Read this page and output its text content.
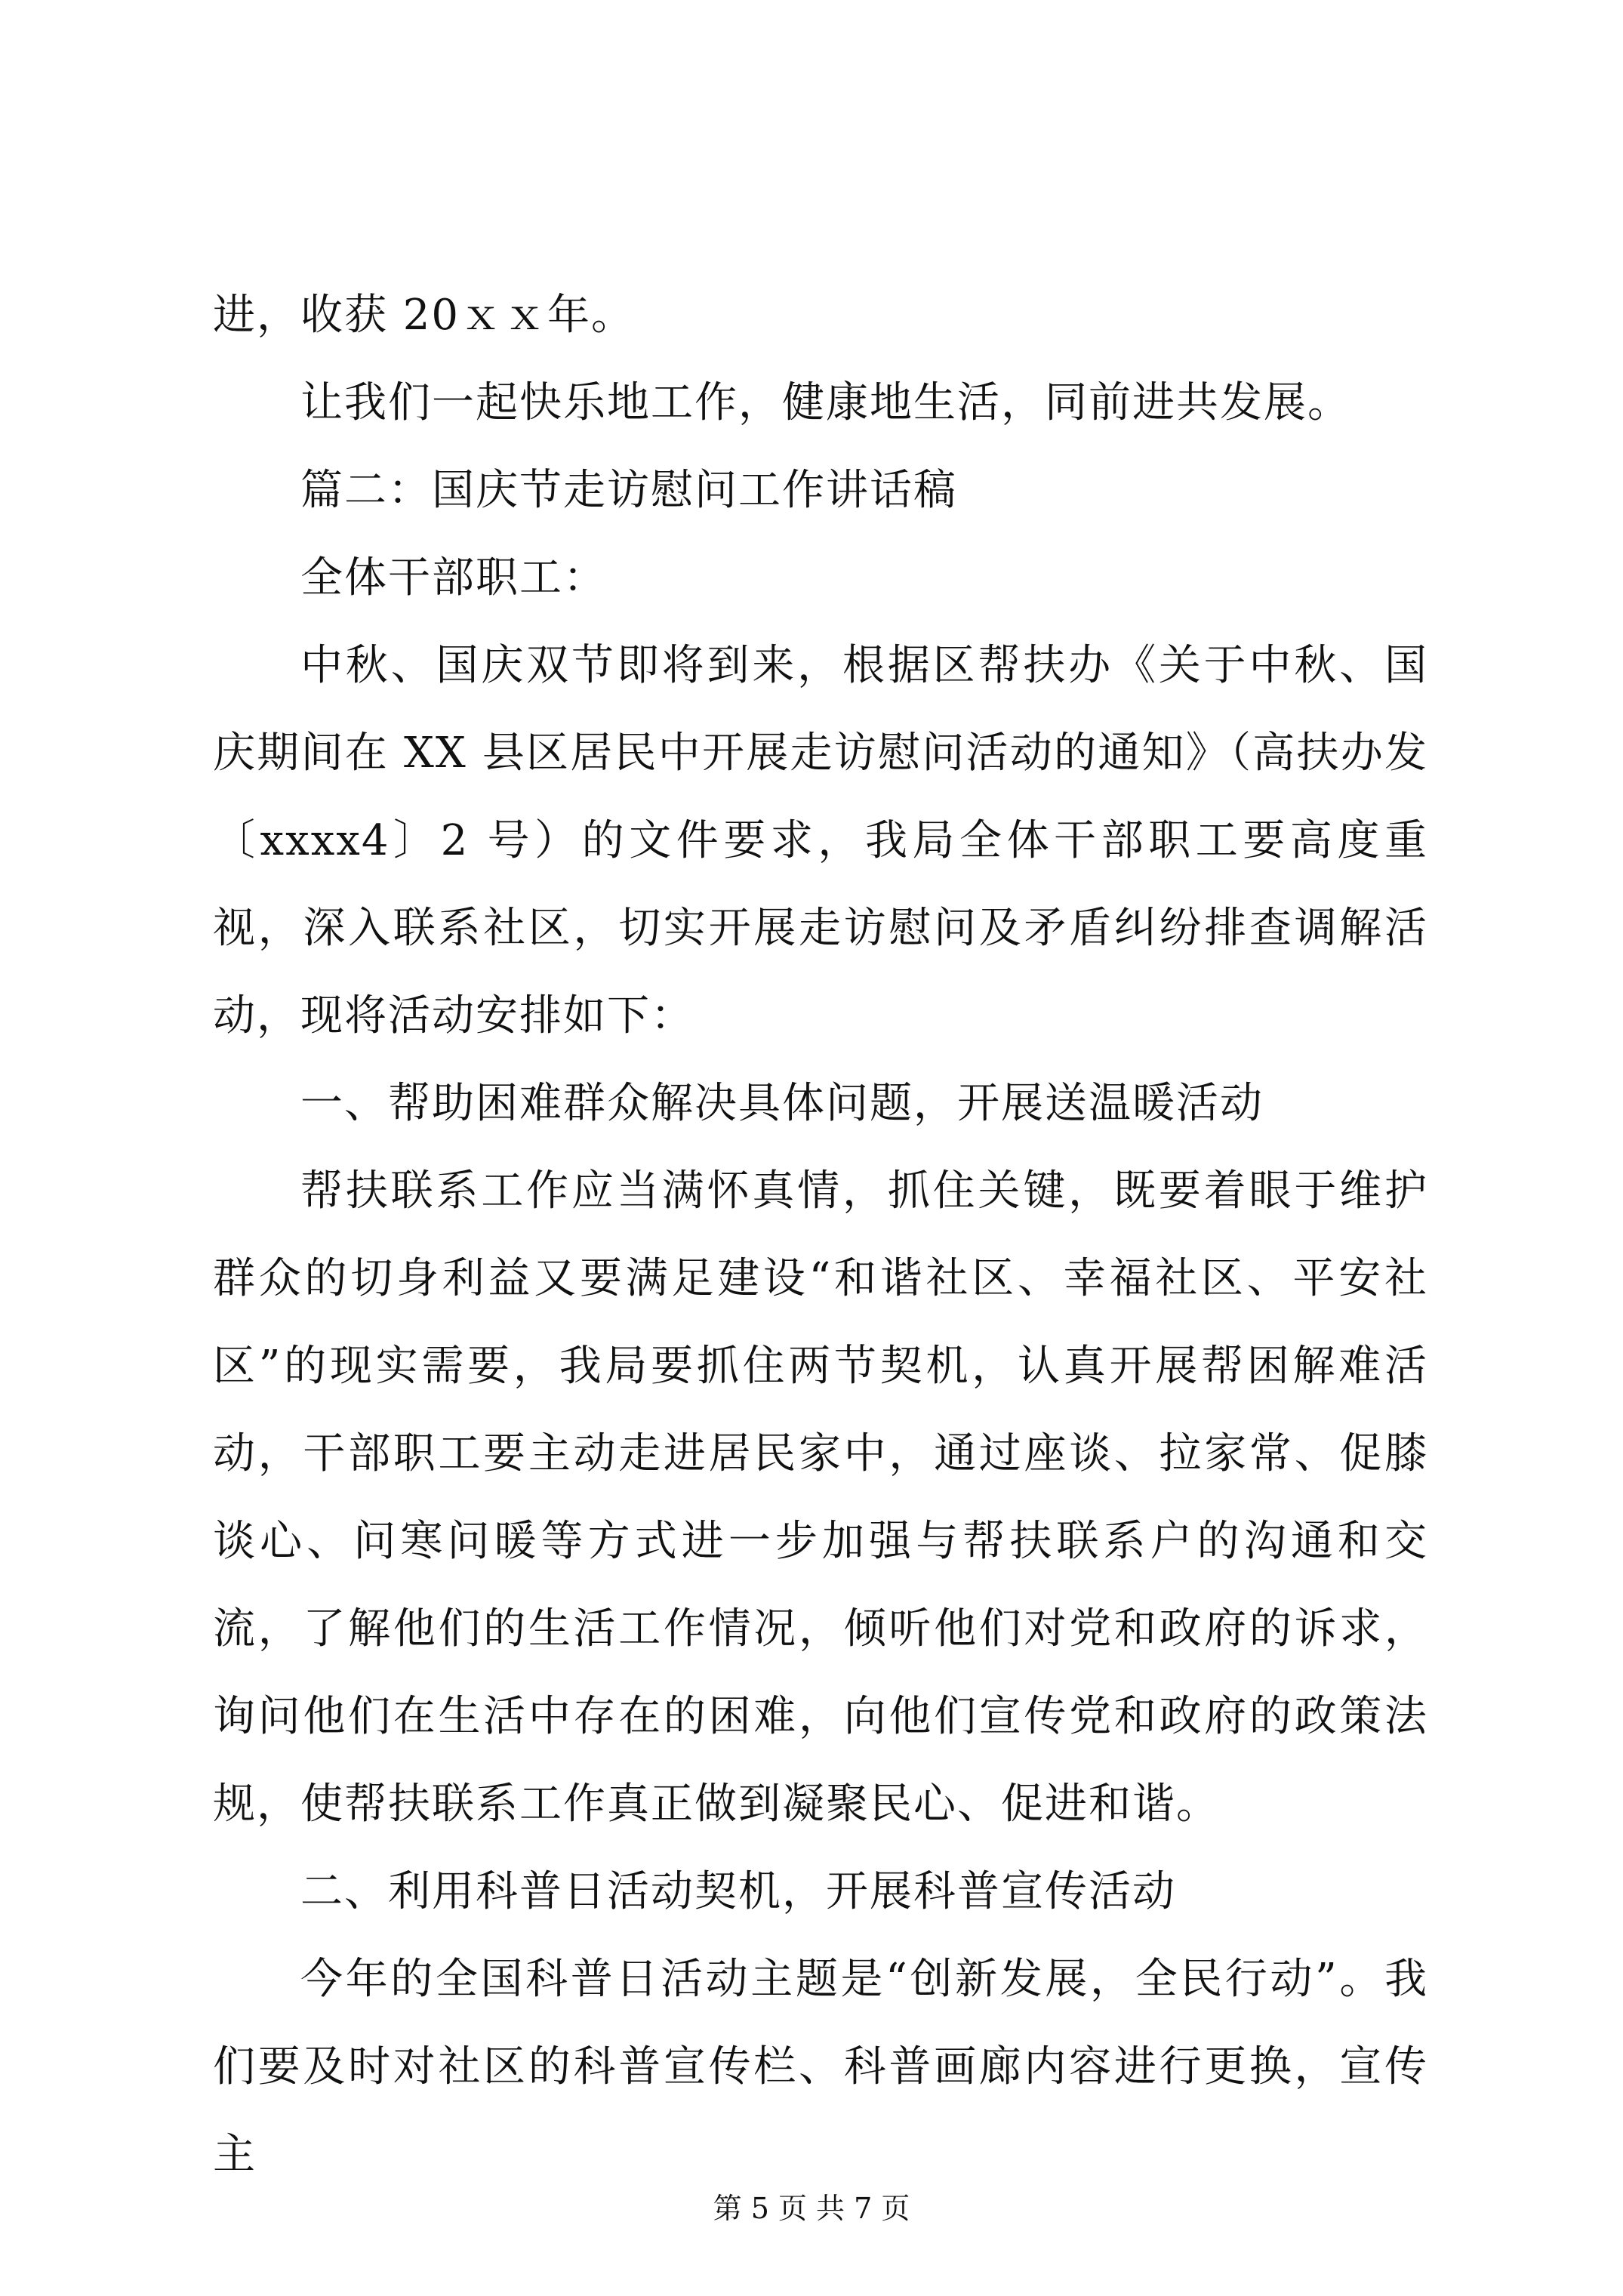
进，收获 20ｘｘ年。

让我们一起快乐地工作，健康地生活，同前进共发展。

篇二：国庆节走访慰问工作讲话稿

全体干部职工：

中秋、国庆双节即将到来，根据区帮扶办《关于中秋、国庆期间在 XX 县区居民中开展走访慰问活动的通知》（高扶办发〔xxxx4〕2 号）的文件要求，我局全体干部职工要高度重视，深入联系社区，切实开展走访慰问及矛盾纠纷排查调解活动，现将活动安排如下：

一、帮助困难群众解决具体问题，开展送温暖活动

帮扶联系工作应当满怀真情，抓住关键，既要着眼于维护群众的切身利益又要满足建设“和谐社区、幸福社区、平安社区”的现实需要，我局要抓住两节契机，认真开展帮困解难活动，干部职工要主动走进居民家中，通过座谈、拉家常、促膝谈心、问寒问暖等方式进一步加强与帮扶联系户的沟通和交流，了解他们的生活工作情况，倾听他们对党和政府的诉求，询问他们在生活中存在的困难，向他们宣传党和政府的政策法规，使帮扶联系工作真正做到凝聚民心、促进和谐。

二、利用科普日活动契机，开展科普宣传活动

今年的全国科普日活动主题是“创新发展，全民行动”。我们要及时对社区的科普宣传栏、科普画廊内容进行更换，宣传主

第 5 页 共 7 页
